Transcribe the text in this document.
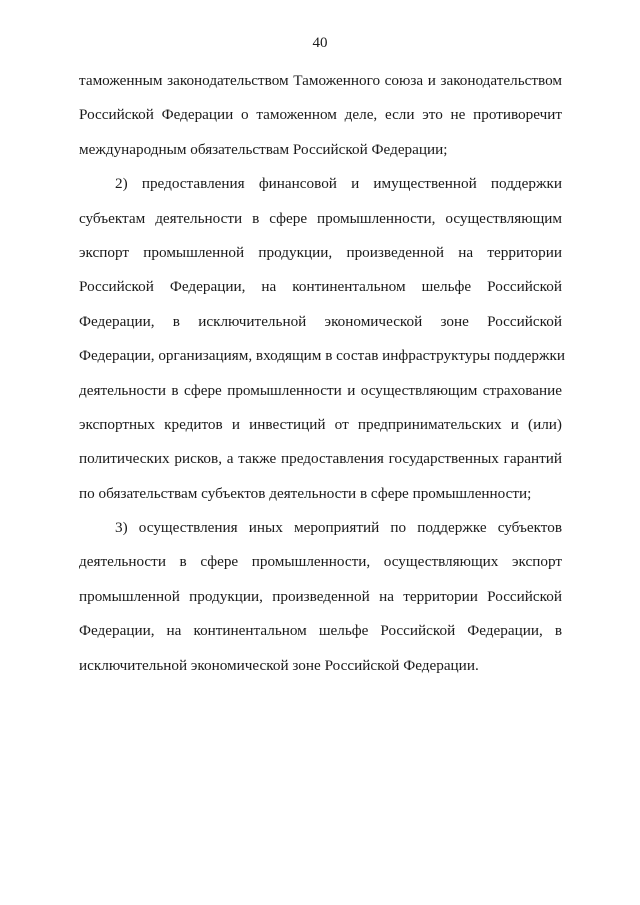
40
таможенным законодательством Таможенного союза и законодательством
Российской Федерации о таможенном деле, если это не противоречит
международным обязательствам Российской Федерации;
2) предоставления финансовой и имущественной поддержки
субъектам деятельности в сфере промышленности, осуществляющим
экспорт промышленной продукции, произведенной на территории
Российской Федерации, на континентальном шельфе Российской
Федерации, в исключительной экономической зоне Российской
Федерации, организациям, входящим в состав инфраструктуры поддержки
деятельности в сфере промышленности и осуществляющим страхование
экспортных кредитов и инвестиций от предпринимательских и (или)
политических рисков, а также предоставления государственных гарантий
по обязательствам субъектов деятельности в сфере промышленности;
3) осуществления иных мероприятий по поддержке субъектов
деятельности в сфере промышленности, осуществляющих экспорт
промышленной продукции, произведенной на территории Российской
Федерации, на континентальном шельфе Российской Федерации, в
исключительной экономической зоне Российской Федерации.
